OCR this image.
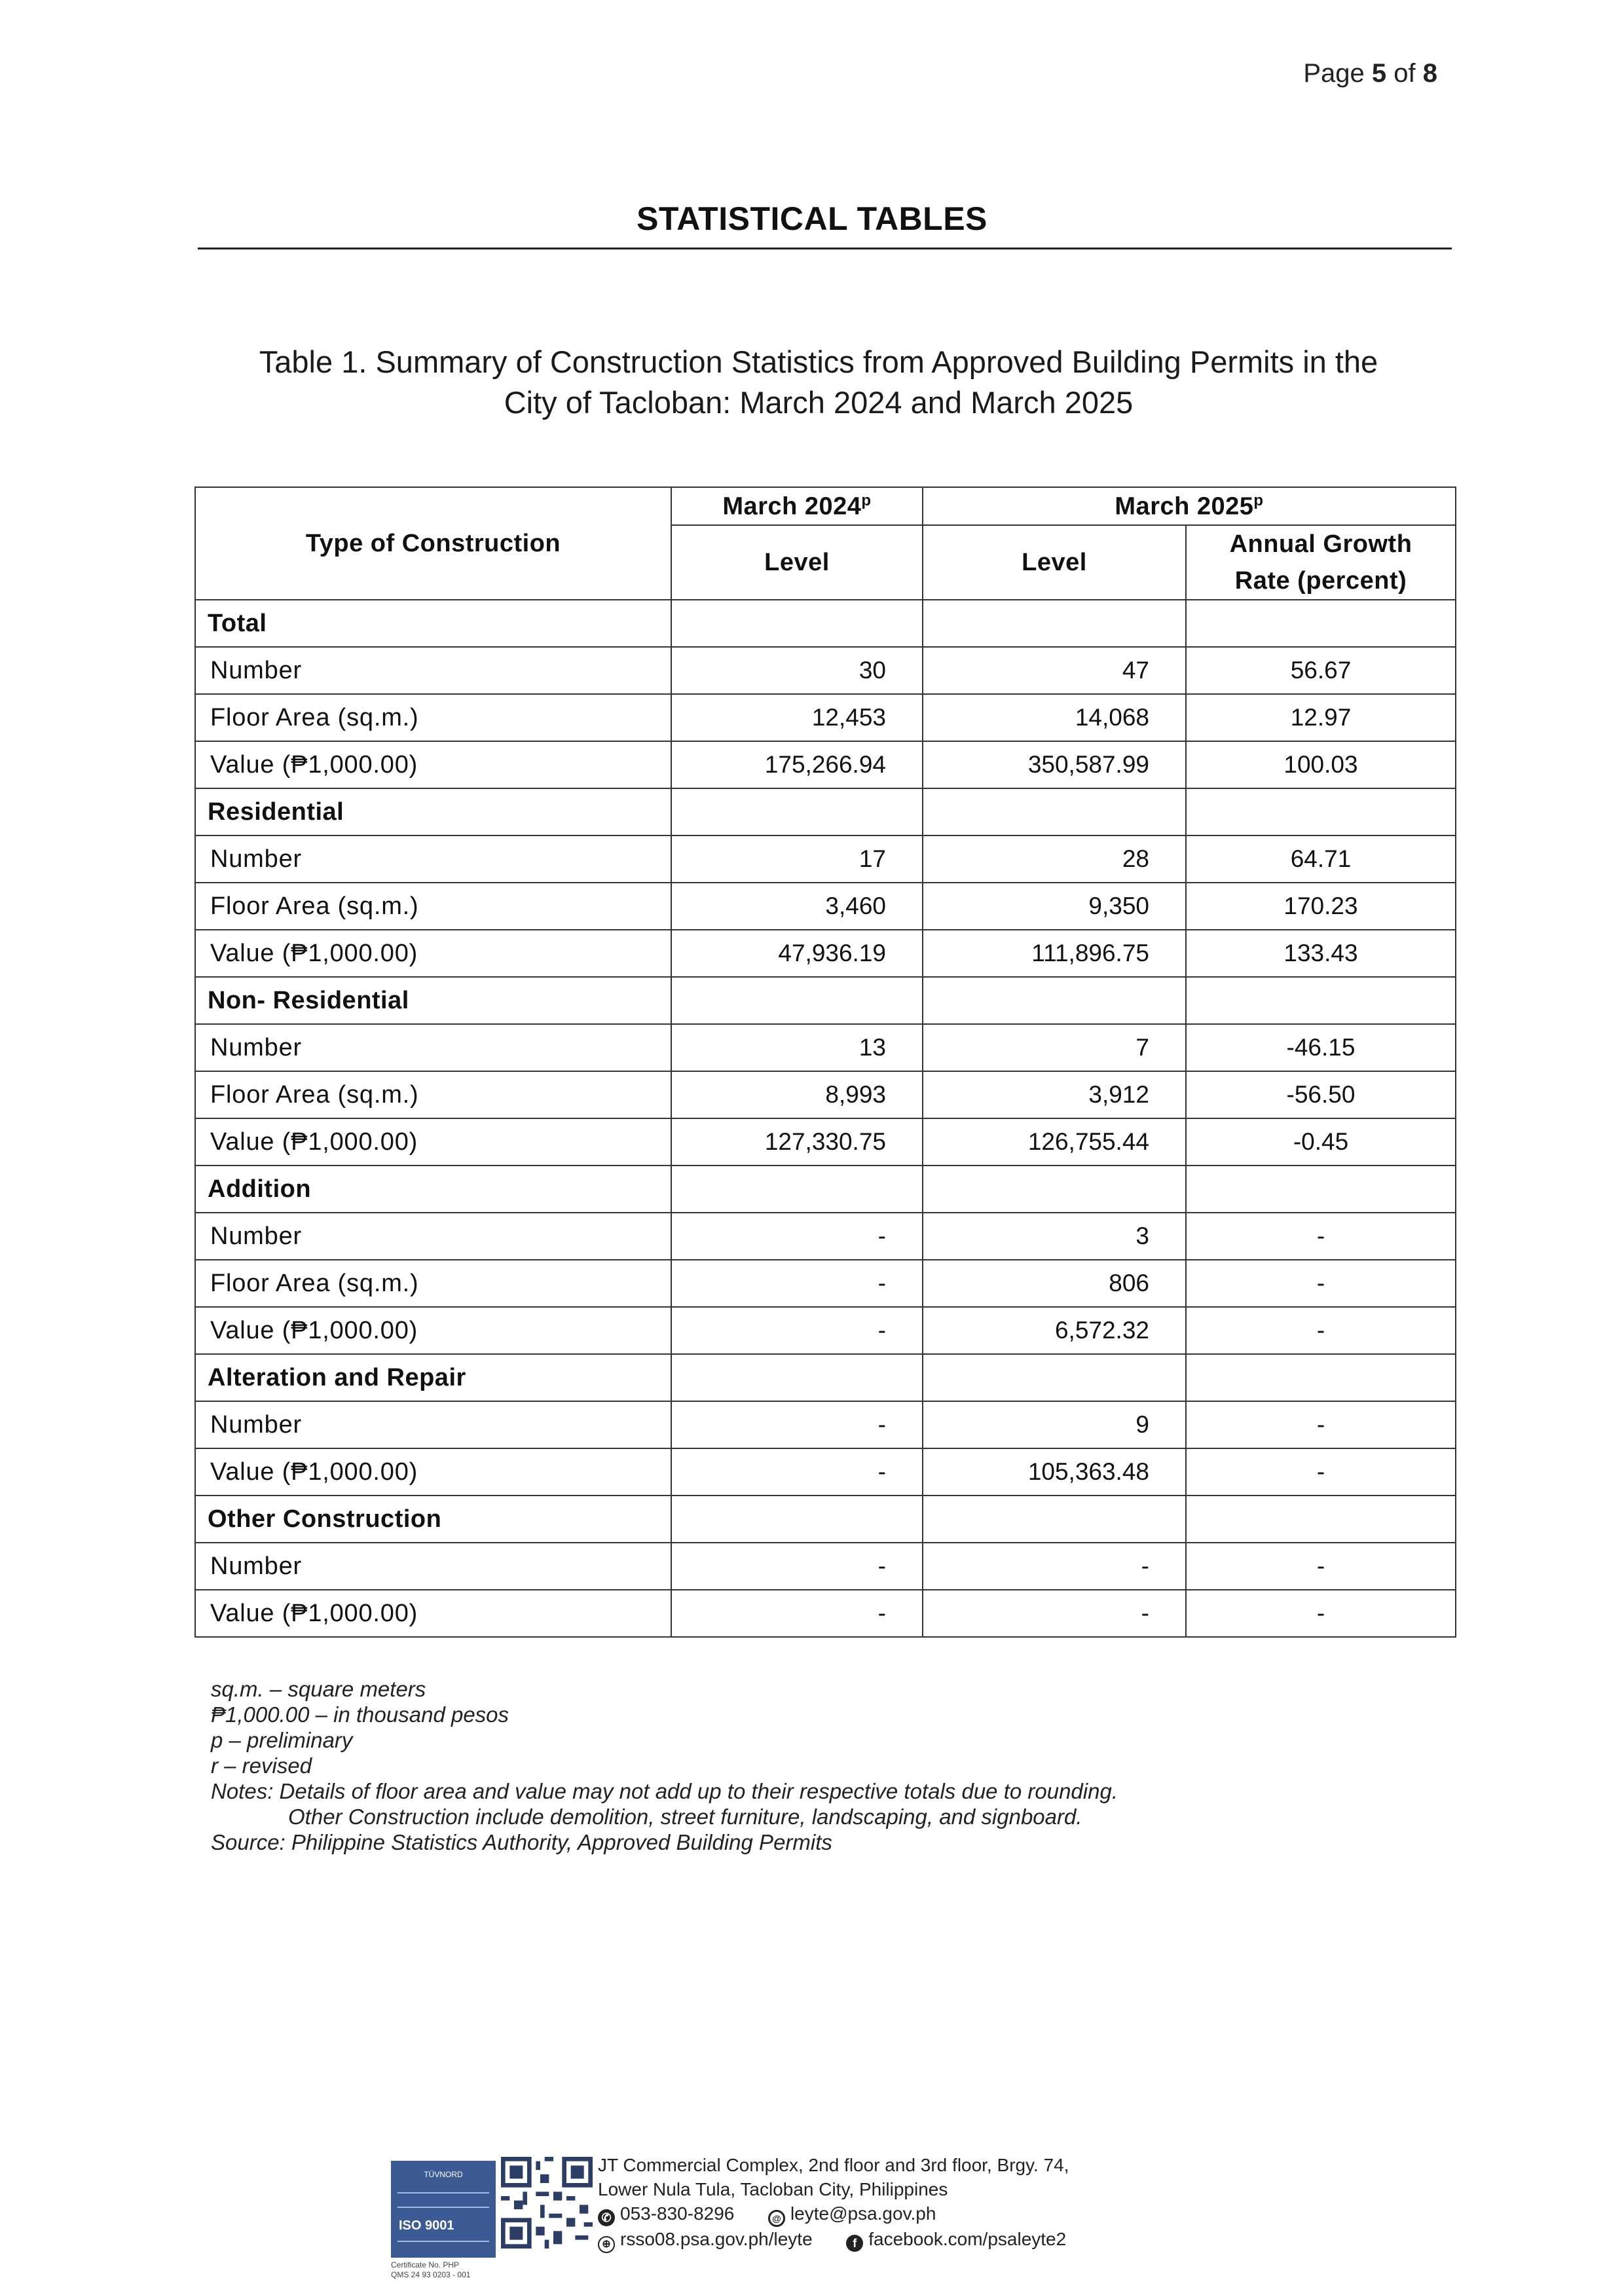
Page 5 of 8
STATISTICAL TABLES
Table 1. Summary of Construction Statistics from Approved Building Permits in the
City of Tacloban: March 2024 and March 2025
Type of Construction	March 2024$^p$	March 2025$^p$
	Level	Level	Annual Growth Rate (percent)
Total			
Number	30	47	56.67
Floor Area (sq.m.)	12,453	14,068	12.97
Value (₱1,000.00)	175,266.94	350,587.99	100.03
Residential			
Number	17	28	64.71
Floor Area (sq.m.)	3,460	9,350	170.23
Value (₱1,000.00)	47,936.19	111,896.75	133.43
Non- Residential			
Number	13	7	-46.15
Floor Area (sq.m.)	8,993	3,912	-56.50
Value (₱1,000.00)	127,330.75	126,755.44	-0.45
Addition			
Number	-	3	-
Floor Area (sq.m.)	-	806	-
Value (₱1,000.00)	-	6,572.32	-
Alteration and Repair			
Number	-	9	-
Value (₱1,000.00)	-	105,363.48	-
Other Construction			
Number	-	-	-
Value (₱1,000.00)	-	-	-
sq.m. – square meters
₱1,000.00 – in thousand pesos
p – preliminary
r – revised
Notes: Details of floor area and value may not add up to their respective totals due to rounding.
Other Construction include demolition, street furniture, landscaping, and signboard.
Source: Philippine Statistics Authority, Approved Building Permits
TÜVNORD
ISO 9001
Certificate No. PHP
QMS 24 93 0203 - 001
JT Commercial Complex, 2nd floor and 3rd floor, Brgy. 74,
Lower Nula Tula, Tacloban City, Philippines
✆ 053-830-8296	@ leyte@psa.gov.ph
⊕ rsso08.psa.gov.ph/leyte	f facebook.com/psaleyte2
